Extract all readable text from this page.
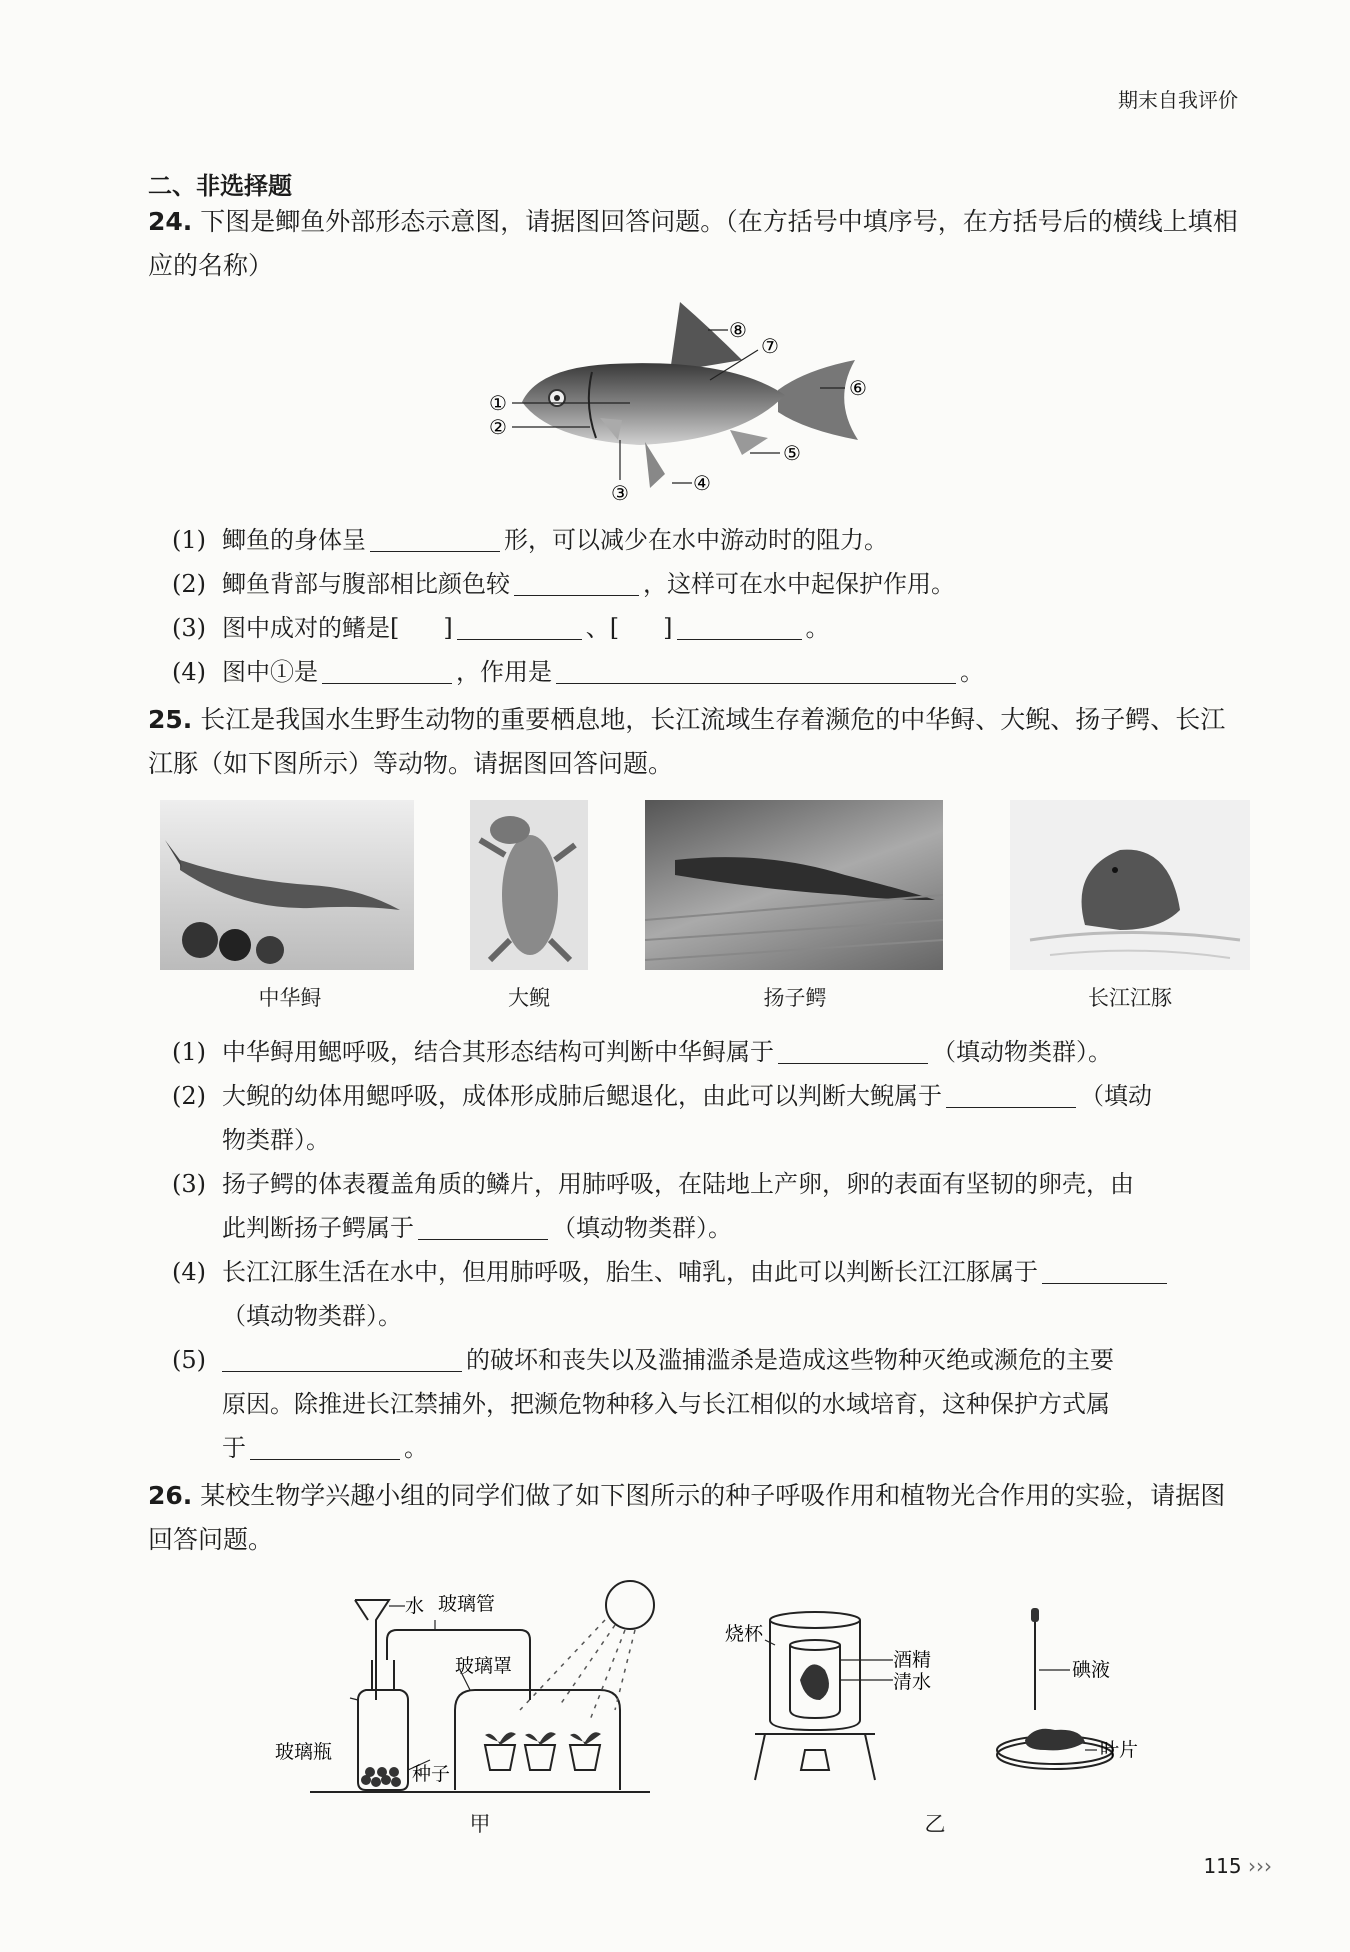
期末自我评价
二、非选择题
24. 下图是鲫鱼外部形态示意图，请据图回答问题。（在方括号中填序号，在方括号后的横线上填相应的名称）
①
②
③	④
⑤
⑥
⑦
⑧
(1) 鲫鱼的身体呈	形，可以减少在水中游动时的阻力。
(2) 鲫鱼背部与腹部相比颜色较	，这样可在水中起保护作用。
(3) 图中成对的鳍是[ ]	、[ ]	。
(4) 图中①是	，作用是	。
25. 长江是我国水生野生动物的重要栖息地，长江流域生存着濒危的中华鲟、大鲵、扬子鳄、长江江豚（如下图所示）等动物。请据图回答问题。
中华鲟	大鲵	扬子鳄	长江江豚
(1) 中华鲟用鳃呼吸，结合其形态结构可判断中华鲟属于	（填动物类群）。
(2) 大鲵的幼体用鳃呼吸，成体形成肺后鳃退化，由此可以判断大鲵属于	（填动
物类群）。
(3) 扬子鳄的体表覆盖角质的鳞片，用肺呼吸，在陆地上产卵，卵的表面有坚韧的卵壳，由
此判断扬子鳄属于	（填动物类群）。
(4) 长江江豚生活在水中，但用肺呼吸，胎生、哺乳，由此可以判断长江江豚属于
（填动物类群）。
(5)	的破坏和丧失以及滥捕滥杀是造成这些物种灭绝或濒危的主要
原因。除推进长江禁捕外，把濒危物种移入与长江相似的水域培育，这种保护方式属
于	。
26. 某校生物学兴趣小组的同学们做了如下图所示的种子呼吸作用和植物光合作用的实验，请据图回答问题。
水 玻璃管
玻璃罩
玻璃瓶
种子
甲
烧杯
酒精
清水
碘液
叶片
乙
115 ›››
